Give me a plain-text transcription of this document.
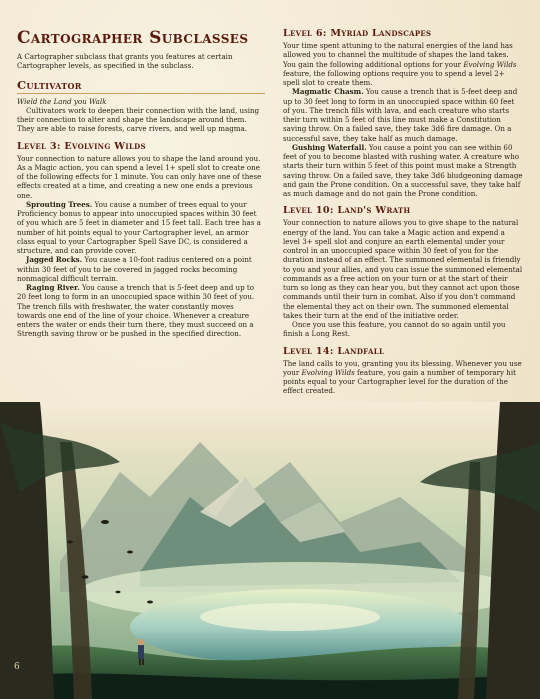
Cartographer Subclasses

A Cartographer subclass that grants you features at certain Cartographer levels, as specified in the subclass.

Cultivator

Wield the Land you Walk

Cultivators work to deepen their connection with the land, using their connection to alter and shape the landscape around them. They are able to raise forests, carve rivers, and well up magma.

Level 3: Evolving Wilds

Your connection to nature allows you to shape the land around you. As a Magic action, you can spend a level 1+ spell slot to create one of the following effects for 1 minute. You can only have one of these effects created at a time, and creating a new one ends a previous one.

Sprouting Trees. You cause a number of trees equal to your Proficiency bonus to appear into unoccupied spaces within 30 feet of you which are 5 feet in diameter and 15 feet tall. Each tree has a number of hit points equal to your Cartographer level, an armor class equal to your Cartographer Spell Save DC, is considered a structure, and can provide cover.

Jagged Rocks. You cause a 10-foot radius centered on a point within 30 feet of you to be covered in jagged rocks becoming nonmagical difficult terrain.

Raging River. You cause a trench that is 5-feet deep and up to 20 feet long to form in an unoccupied space within 30 feet of you. The trench fills with freshwater, the water constantly moves towards one end of the line of your choice. Whenever a creature enters the water or ends their turn there, they must succeed on a Strength saving throw or be pushed in the specified direction.

Level 6: Myriad Landscapes

Your time spent attuning to the natural energies of the land has allowed you to channel the multitude of shapes the land takes. You gain the following additional options for your Evolving Wilds feature, the following options require you to spend a level 2+ spell slot to create them.

Magmatic Chasm. You cause a trench that is 5-feet deep and up to 30 feet long to form in an unoccupied space within 60 feet of you. The trench fills with lava, and each creature who starts their turn within 5 feet of this line must make a Constitution saving throw. On a failed save, they take 3d6 fire damage. On a successful save, they take half as much damage.

Gushing Waterfall. You cause a point you can see within 60 feet of you to become blasted with rushing water. A creature who starts their turn within 5 feet of this point must make a Strength saving throw. On a failed save, they take 3d6 bludgeoning damage and gain the Prone condition. On a successful save, they take half as much damage and do not gain the Prone condition.

Level 10: Land's Wrath

Your connection to nature allows you to give shape to the natural energy of the land. You can take a Magic action and expend a level 3+ spell slot and conjure an earth elemental under your control in an unoccupied space within 30 feet of you for the duration instead of an effect. The summoned elemental is friendly to you and your allies, and you can issue the summoned elemental commands as a free action on your turn or at the start of their turn so long as they can hear you, but they cannot act upon those commands until their turn in combat. Also if you don't command the elemental they act on their own. The summoned elemental takes their turn at the end of the initiative order.

Once you use this feature, you cannot do so again until you finish a Long Rest.

Level 14: Landfall

The land calls to you, granting you its blessing. Whenever you use your Evolving Wilds feature, you gain a number of temporary hit points equal to your Cartographer level for the duration of the effect created.

6
